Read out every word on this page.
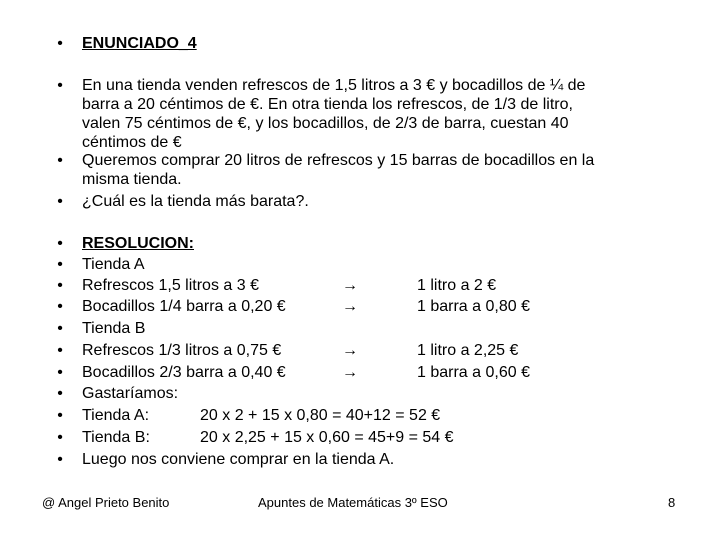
• ENUNCIADO_4
• En una tienda venden refrescos de 1,5 litros a 3 € y bocadillos de ¼ de
barra a 20 céntimos de €. En otra tienda los refrescos, de 1/3 de litro,
valen 75 céntimos de €, y los bocadillos, de 2/3 de barra, cuestan 40
céntimos de €
• Queremos comprar 20 litros de refrescos y 15 barras de bocadillos en la
misma tienda.
• ¿Cuál es la tienda más barata?.
• RESOLUCION:
• Tienda A
• Refrescos 1,5 litros a 3 €	→	1 litro a 2 €
• Bocadillos 1/4 barra a 0,20 €	→	1 barra a 0,80 €
• Tienda B
• Refrescos 1/3 litros a 0,75 €	→	1 litro a 2,25 €
• Bocadillos 2/3 barra a 0,40 €	→	1 barra a 0,60 €
• Gastaríamos:
• Tienda A:	20 x 2 + 15 x 0,80 = 40+12 = 52 €
• Tienda B:	20 x 2,25 + 15 x 0,60 = 45+9 = 54 €
• Luego nos conviene comprar en la tienda A.
@ Angel Prieto Benito	Apuntes de Matemáticas 3º ESO	8
